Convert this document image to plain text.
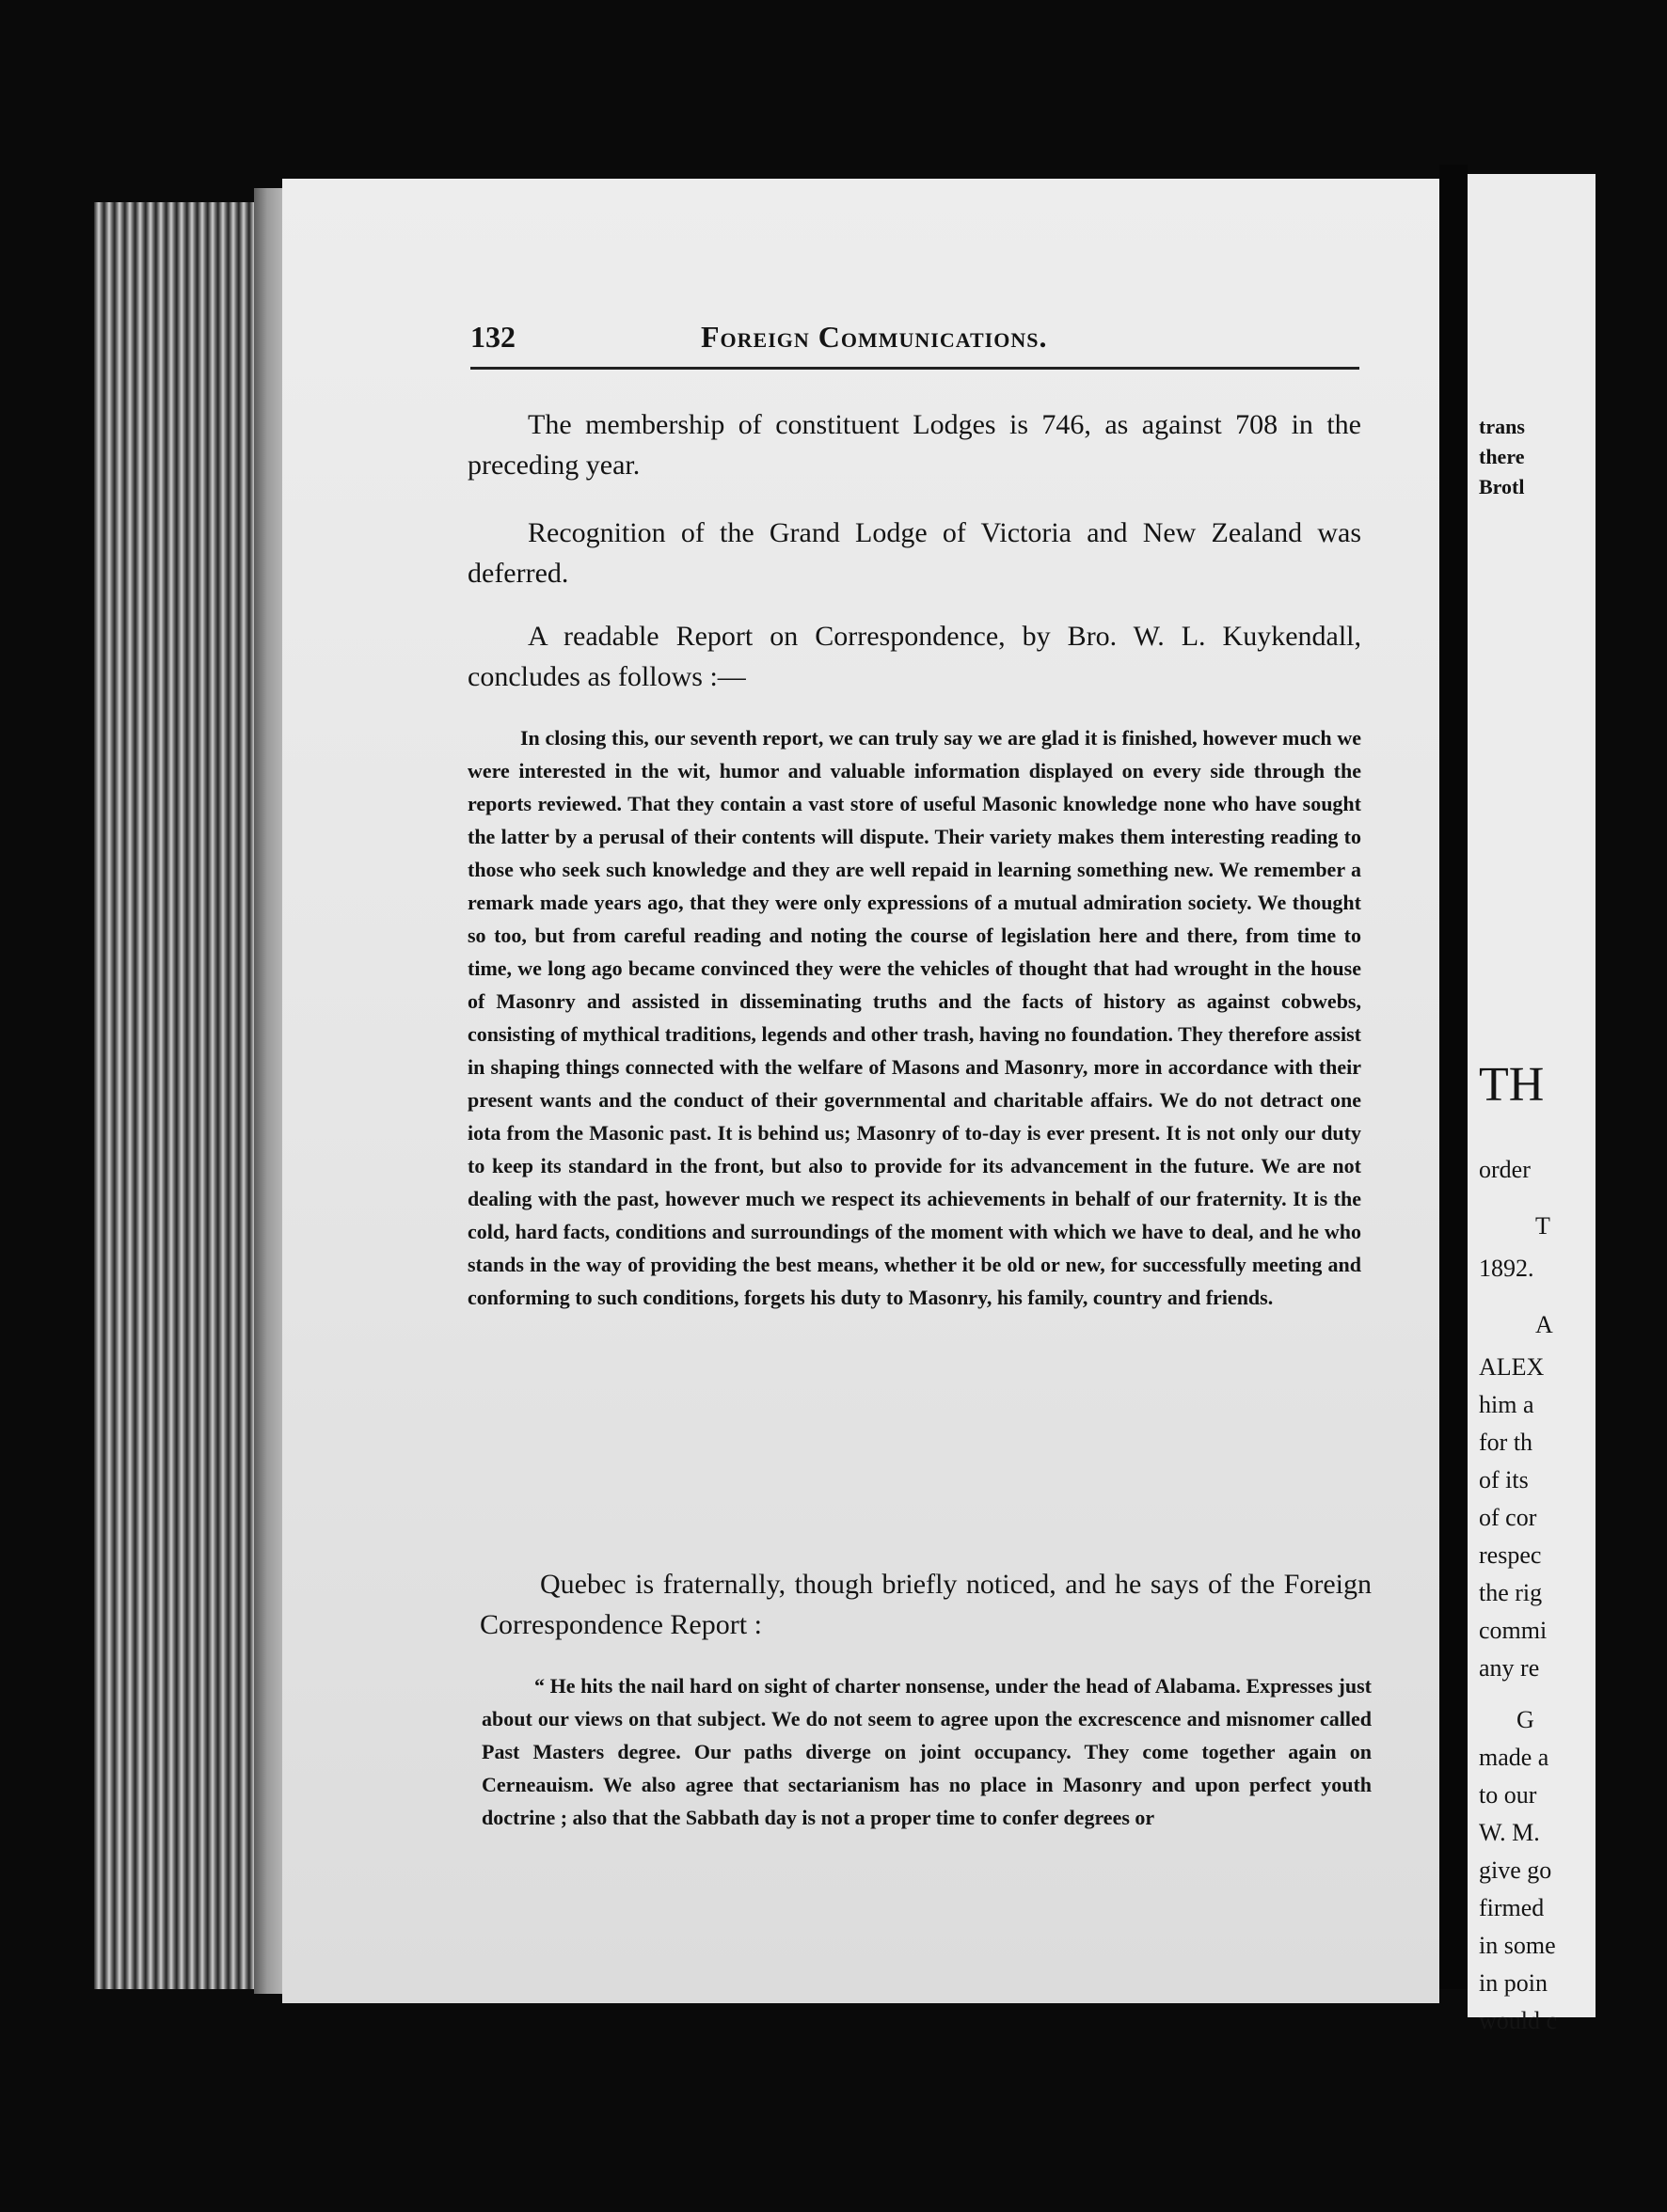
trans
there
Brotl
TH
order
T
1892.
A
ALEX
him a
for th
of its
of cor
respec
the rig
commi
any re
G
made a
to our
W. M.
give go
firmed
in some
in poin
would c
132	Foreign Communications.

The membership of constituent Lodges is 746, as against 708 in the preceding year.

Recognition of the Grand Lodge of Victoria and New Zealand was deferred.

A readable Report on Correspondence, by Bro. W. L. Kuykendall, concludes as follows :—

In closing this, our seventh report, we can truly say we are glad it is finished, however much we were interested in the wit, humor and valuable information displayed on every side through the reports reviewed. That they contain a vast store of useful Masonic knowledge none who have sought the latter by a perusal of their contents will dispute. Their variety makes them interesting reading to those who seek such knowledge and they are well repaid in learning something new. We remember a remark made years ago, that they were only expressions of a mutual admiration society. We thought so too, but from careful reading and noting the course of legislation here and there, from time to time, we long ago became convinced they were the vehicles of thought that had wrought in the house of Masonry and assisted in disseminating truths and the facts of history as against cobwebs, consisting of mythical traditions, legends and other trash, having no foundation. They therefore assist in shaping things connected with the welfare of Masons and Masonry, more in accordance with their present wants and the conduct of their governmental and charitable affairs. We do not detract one iota from the Masonic past. It is behind us; Masonry of to-day is ever present. It is not only our duty to keep its standard in the front, but also to provide for its advancement in the future. We are not dealing with the past, however much we respect its achievements in behalf of our fraternity. It is the cold, hard facts, conditions and surroundings of the moment with which we have to deal, and he who stands in the way of providing the best means, whether it be old or new, for successfully meeting and conforming to such conditions, forgets his duty to Masonry, his family, country and friends.

Quebec is fraternally, though briefly noticed, and he says of the Foreign Correspondence Report :

“ He hits the nail hard on sight of charter nonsense, under the head of Alabama. Expresses just about our views on that subject. We do not seem to agree upon the excrescence and misnomer called Past Masters degree. Our paths diverge on joint occupancy. They come together again on Cerneauism. We also agree that sectarianism has no place in Masonry and upon perfect youth doctrine ; also that the Sabbath day is not a proper time to confer degrees or
